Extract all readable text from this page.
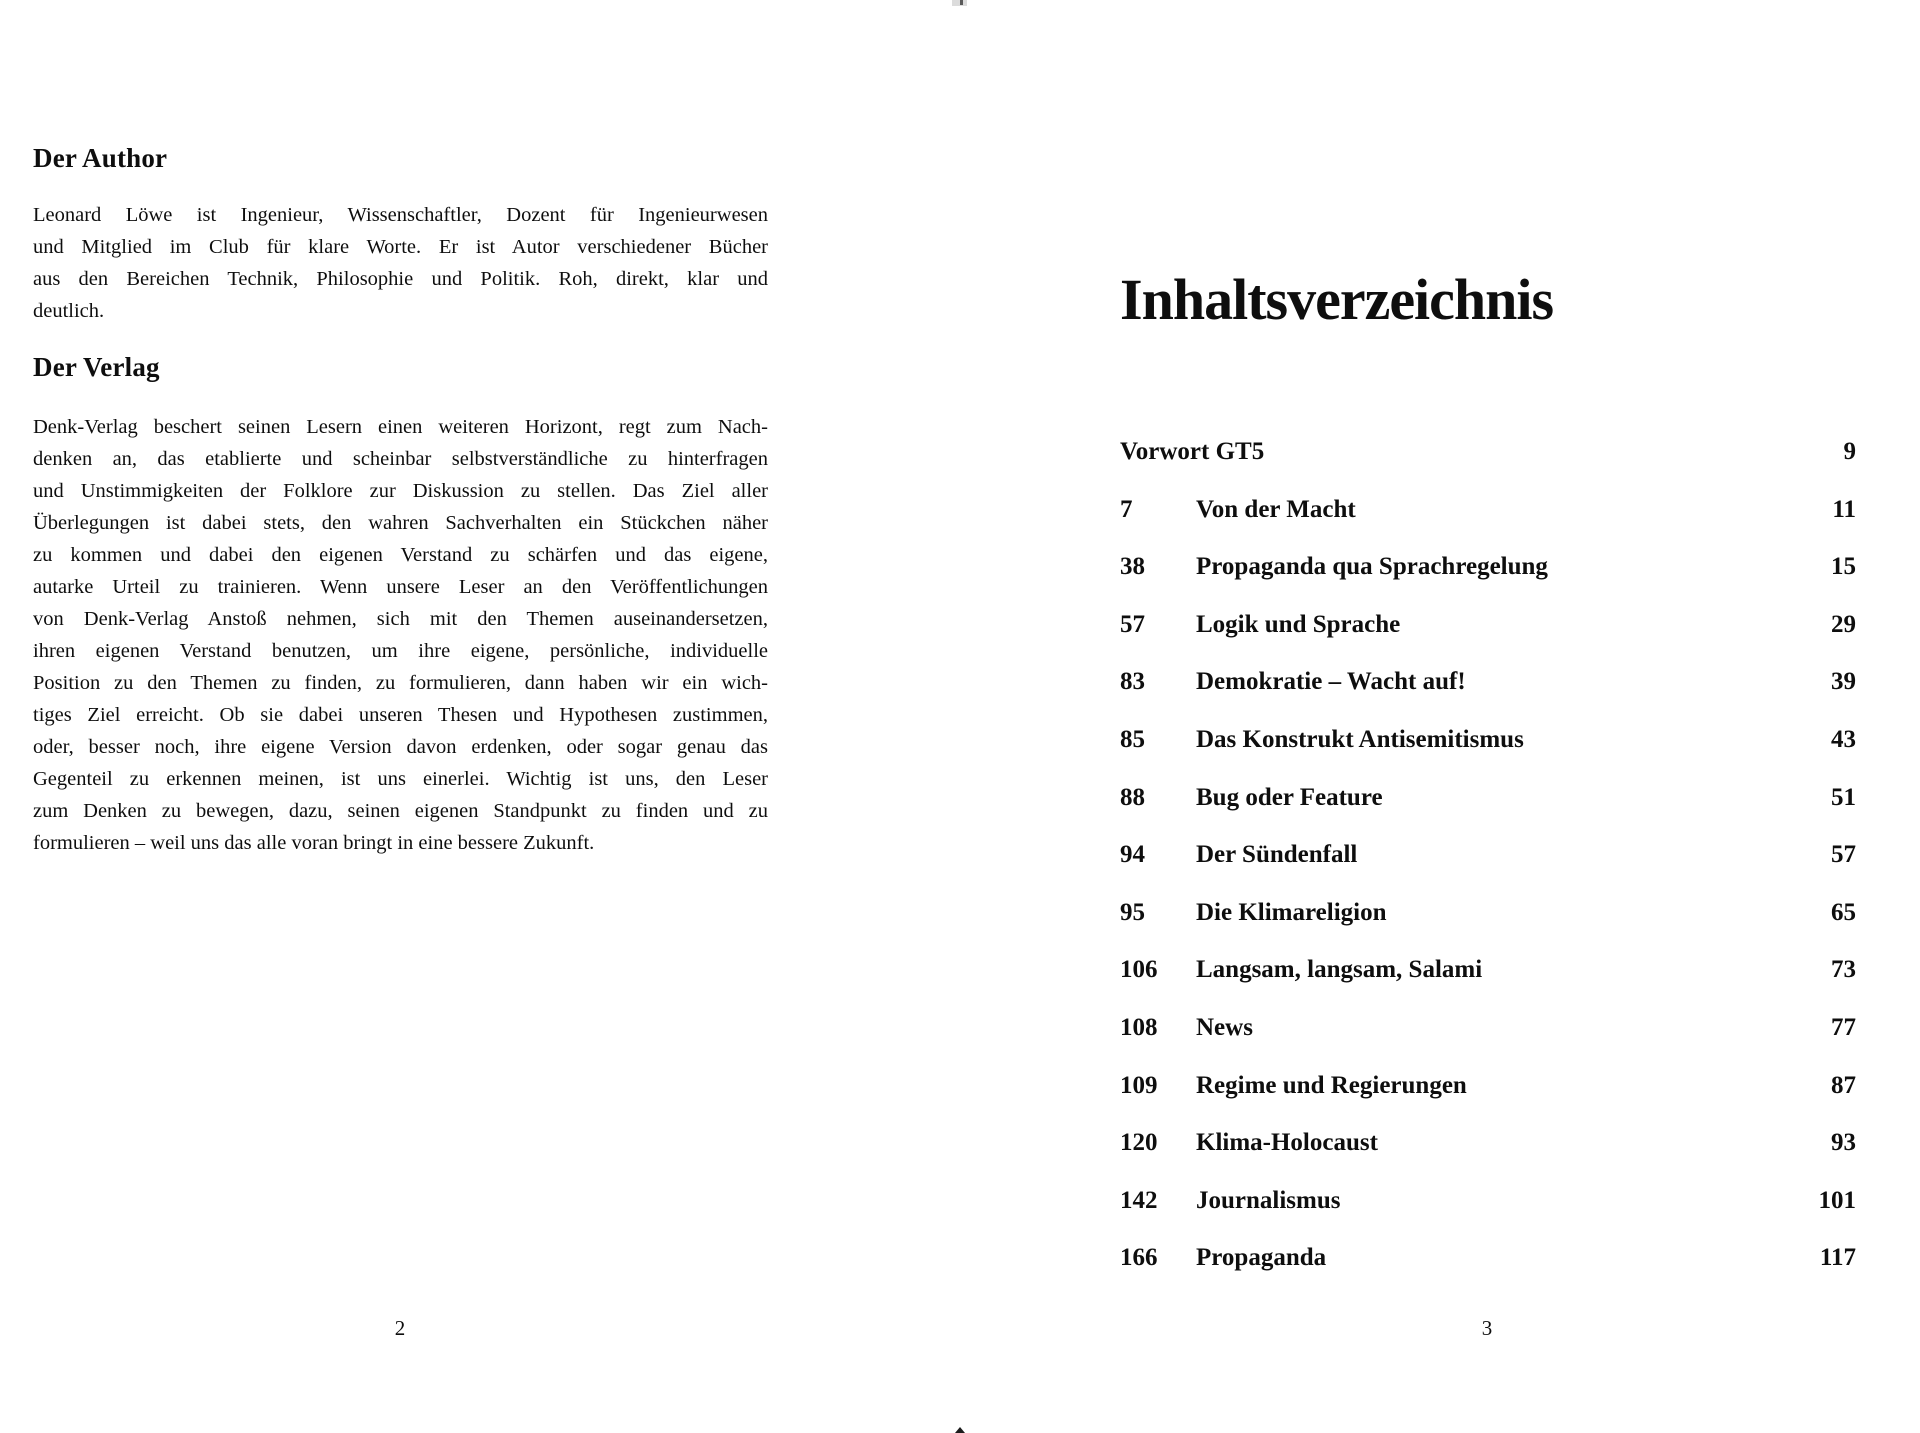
Der Author
Leonard Löwe ist Ingenieur, Wissenschaftler, Dozent für Ingenieurwesen
und Mitglied im Club für klare Worte. Er ist Autor verschiedener Bücher
aus den Bereichen Technik, Philosophie und Politik. Roh, direkt, klar und
deutlich.
Der Verlag
Denk-Verlag beschert seinen Lesern einen weiteren Horizont, regt zum Nach-
denken an, das etablierte und scheinbar selbstverständliche zu hinterfragen
und Unstimmigkeiten der Folklore zur Diskussion zu stellen. Das Ziel aller
Überlegungen ist dabei stets, den wahren Sachverhalten ein Stückchen näher
zu kommen und dabei den eigenen Verstand zu schärfen und das eigene,
autarke Urteil zu trainieren. Wenn unsere Leser an den Veröffentlichungen
von Denk-Verlag Anstoß nehmen, sich mit den Themen auseinandersetzen,
ihren eigenen Verstand benutzen, um ihre eigene, persönliche, individuelle
Position zu den Themen zu finden, zu formulieren, dann haben wir ein wich-
tiges Ziel erreicht. Ob sie dabei unseren Thesen und Hypothesen zustimmen,
oder, besser noch, ihre eigene Version davon erdenken, oder sogar genau das
Gegenteil zu erkennen meinen, ist uns einerlei. Wichtig ist uns, den Leser
zum Denken zu bewegen, dazu, seinen eigenen Standpunkt zu finden und zu
formulieren – weil uns das alle voran bringt in eine bessere Zukunft.
2
Inhaltsverzeichnis
Vorwort GT5	9
7	Von der Macht	11
38	Propaganda qua Sprachregelung	15
57	Logik und Sprache	29
83	Demokratie – Wacht auf!	39
85	Das Konstrukt Antisemitismus	43
88	Bug oder Feature	51
94	Der Sündenfall	57
95	Die Klimareligion	65
106	Langsam, langsam, Salami	73
108	News	77
109	Regime und Regierungen	87
120	Klima-Holocaust	93
142	Journalismus	101
166	Propaganda	117
3
